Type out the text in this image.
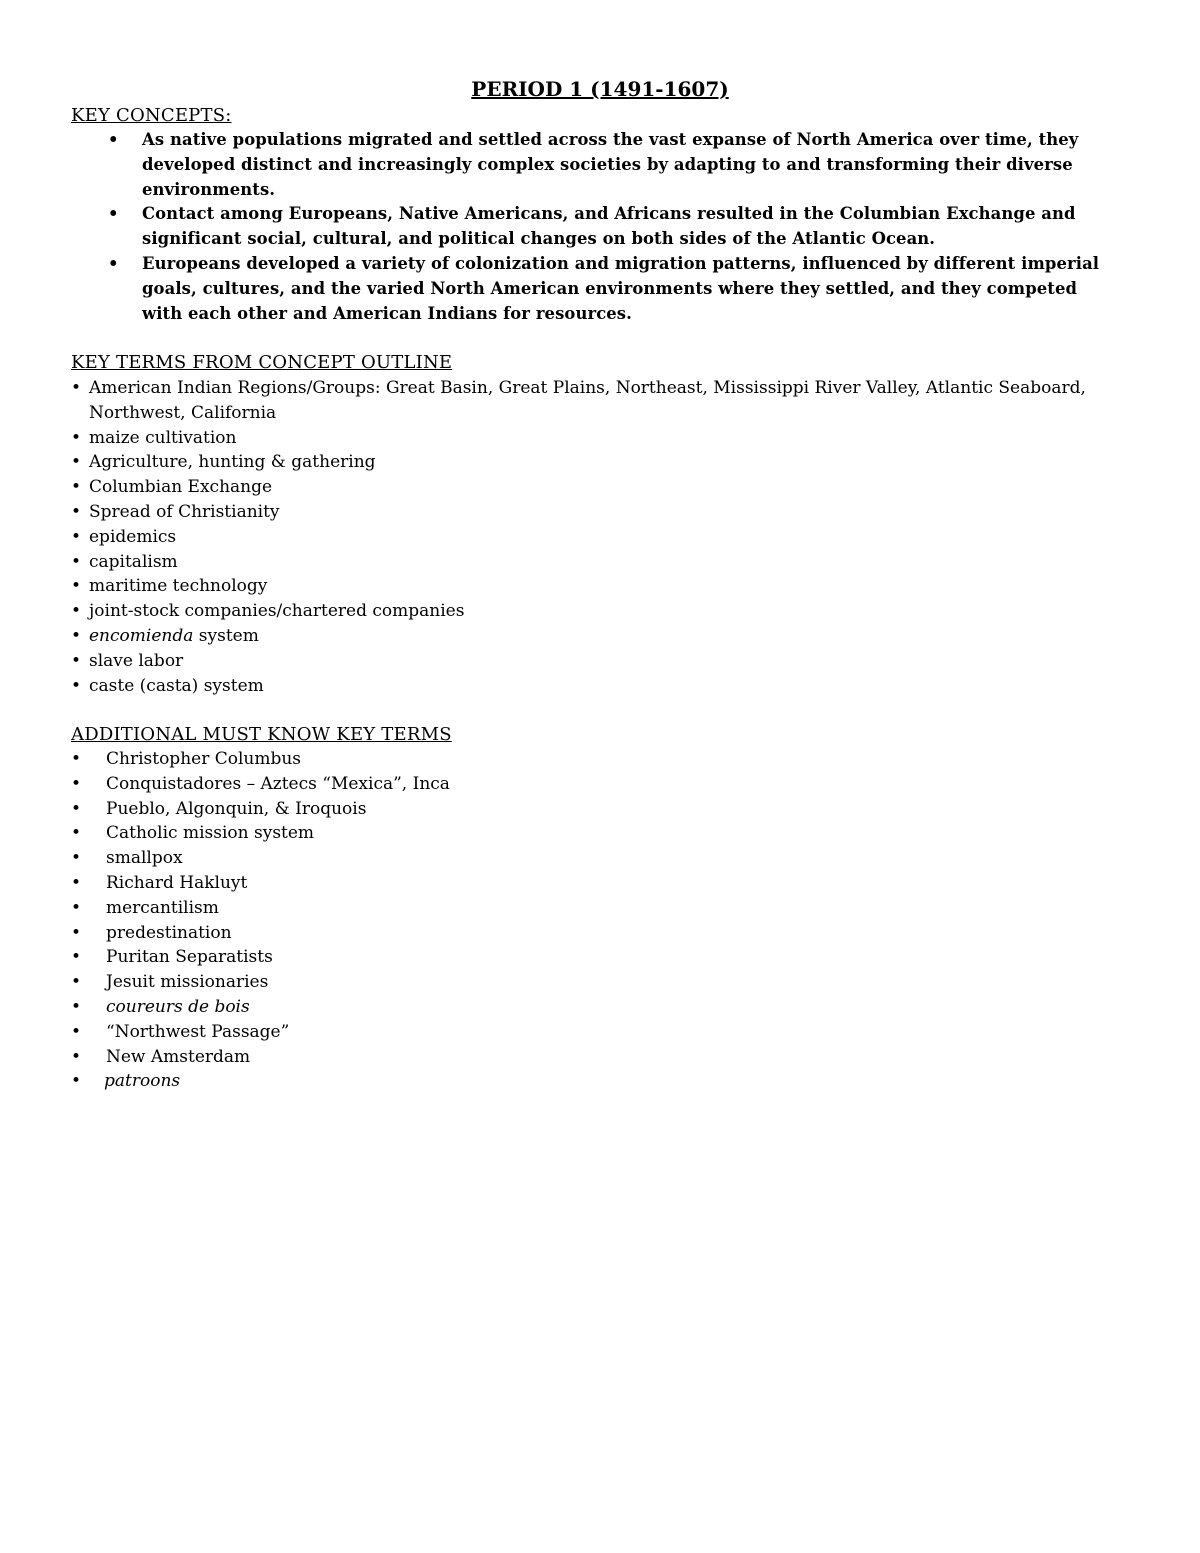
PERIOD 1 (1491-1607)
KEY CONCEPTS:
• As native populations migrated and settled across the vast expanse of North America over time, they developed distinct and increasingly complex societies by adapting to and transforming their diverse environments.
• Contact among Europeans, Native Americans, and Africans resulted in the Columbian Exchange and significant social, cultural, and political changes on both sides of the Atlantic Ocean.
• Europeans developed a variety of colonization and migration patterns, influenced by different imperial goals, cultures, and the varied North American environments where they settled, and they competed with each other and American Indians for resources.
KEY TERMS FROM CONCEPT OUTLINE
• American Indian Regions/Groups: Great Basin, Great Plains, Northeast, Mississippi River Valley, Atlantic Seaboard, Northwest, California
• maize cultivation
• Agriculture, hunting & gathering
• Columbian Exchange
• Spread of Christianity
• epidemics
• capitalism
• maritime technology
• joint-stock companies/chartered companies
• encomienda system
• slave labor
• caste (casta) system
ADDITIONAL MUST KNOW KEY TERMS
• Christopher Columbus
• Conquistadores – Aztecs “Mexica”, Inca
• Pueblo, Algonquin, & Iroquois
• Catholic mission system
• smallpox
• Richard Hakluyt
• mercantilism
• predestination
• Puritan Separatists
• Jesuit missionaries
• coureurs de bois
• “Northwest Passage”
• New Amsterdam
• patroons
